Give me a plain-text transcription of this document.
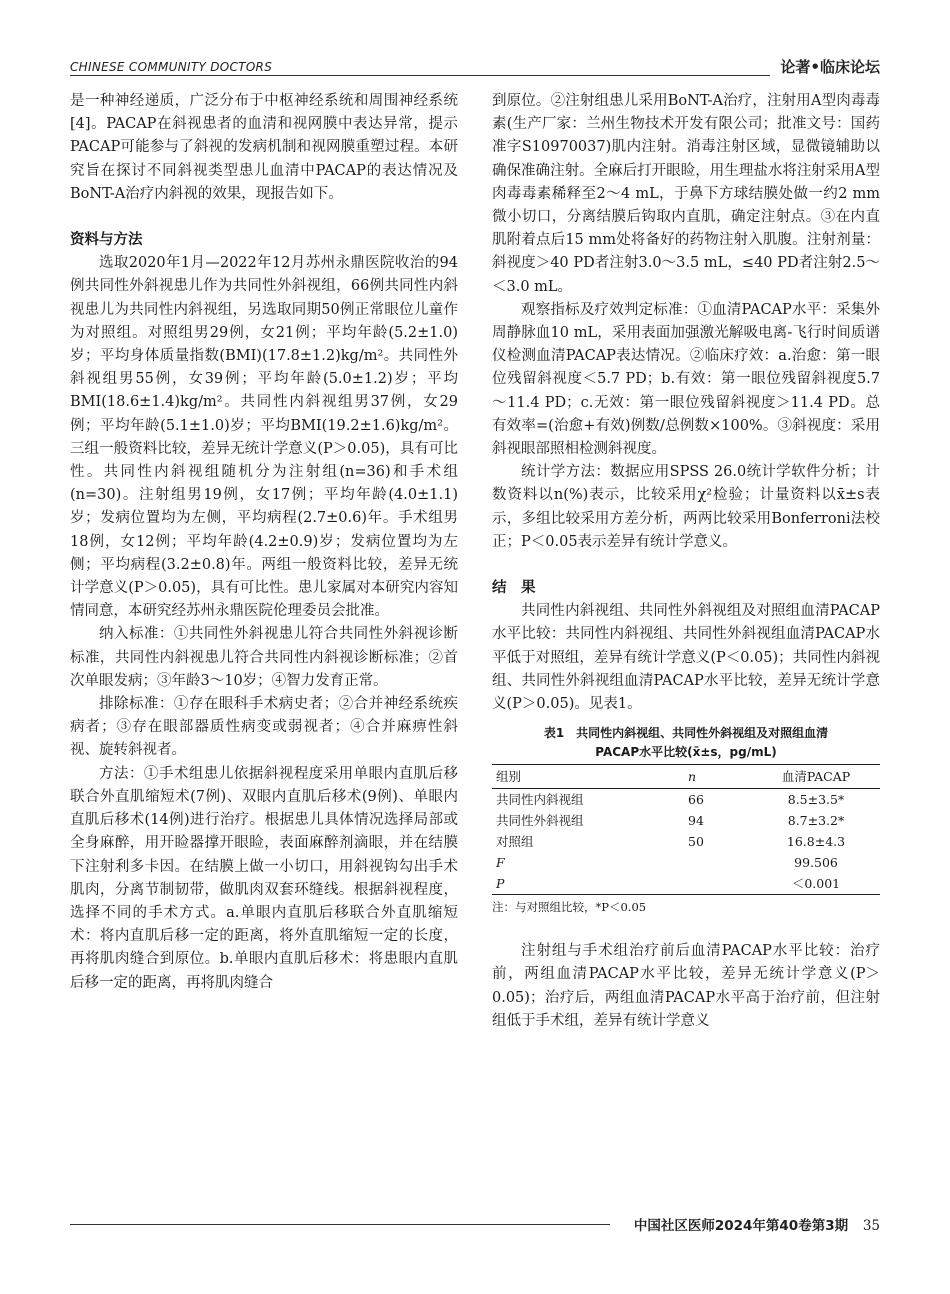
CHINESE COMMUNITY DOCTORS	论著•临床论坛

是一种神经递质，广泛分布于中枢神经系统和周围神经系统[4]。PACAP在斜视患者的血清和视网膜中表达异常，提示PACAP可能参与了斜视的发病机制和视网膜重塑过程。本研究旨在探讨不同斜视类型患儿血清中PACAP的表达情况及BoNT-A治疗内斜视的效果，现报告如下。

资料与方法

选取2020年1月—2022年12月苏州永鼎医院收治的94例共同性外斜视患儿作为共同性外斜视组，66例共同性内斜视患儿为共同性内斜视组，另选取同期50例正常眼位儿童作为对照组。对照组男29例，女21例；平均年龄(5.2±1.0)岁；平均身体质量指数(BMI)(17.8±1.2)kg/m²。共同性外斜视组男55例，女39例；平均年龄(5.0±1.2)岁；平均BMI(18.6±1.4)kg/m²。共同性内斜视组男37例，女29例；平均年龄(5.1±1.0)岁；平均BMI(19.2±1.6)kg/m²。三组一般资料比较，差异无统计学意义(P＞0.05)，具有可比性。共同性内斜视组随机分为注射组(n=36)和手术组(n=30)。注射组男19例，女17例；平均年龄(4.0±1.1)岁；发病位置均为左侧，平均病程(2.7±0.6)年。手术组男18例，女12例；平均年龄(4.2±0.9)岁；发病位置均为左侧；平均病程(3.2±0.8)年。两组一般资料比较，差异无统计学意义(P＞0.05)，具有可比性。患儿家属对本研究内容知情同意，本研究经苏州永鼎医院伦理委员会批准。

纳入标准：①共同性外斜视患儿符合共同性外斜视诊断标准，共同性内斜视患儿符合共同性内斜视诊断标准；②首次单眼发病；③年龄3～10岁；④智力发育正常。

排除标准：①存在眼科手术病史者；②合并神经系统疾病者；③存在眼部器质性病变或弱视者；④合并麻痹性斜视、旋转斜视者。

方法：①手术组患儿依据斜视程度采用单眼内直肌后移联合外直肌缩短术(7例)、双眼内直肌后移术(9例)、单眼内直肌后移术(14例)进行治疗。根据患儿具体情况选择局部或全身麻醉，用开睑器撑开眼睑，表面麻醉剂滴眼，并在结膜下注射利多卡因。在结膜上做一小切口，用斜视钩勾出手术肌肉，分离节制韧带，做肌肉双套环缝线。根据斜视程度，选择不同的手术方式。a.单眼内直肌后移联合外直肌缩短术：将内直肌后移一定的距离，将外直肌缩短一定的长度，再将肌肉缝合到原位。b.单眼内直肌后移术：将患眼内直肌后移一定的距离，再将肌肉缝合

到原位。②注射组患儿采用BoNT-A治疗，注射用A型肉毒毒素(生产厂家：兰州生物技术开发有限公司；批准文号：国药准字S10970037)肌内注射。消毒注射区域，显微镜辅助以确保准确注射。全麻后打开眼睑，用生理盐水将注射采用A型肉毒毒素稀释至2～4 mL，于鼻下方球结膜处做一约2 mm微小切口，分离结膜后钩取内直肌，确定注射点。③在内直肌附着点后15 mm处将备好的药物注射入肌腹。注射剂量：斜视度＞40 PD者注射3.0～3.5 mL，≤40 PD者注射2.5～＜3.0 mL。

观察指标及疗效判定标准：①血清PACAP水平：采集外周静脉血10 mL，采用表面加强激光解吸电离-飞行时间质谱仪检测血清PACAP表达情况。②临床疗效：a.治愈：第一眼位残留斜视度＜5.7 PD；b.有效：第一眼位残留斜视度5.7～11.4 PD；c.无效：第一眼位残留斜视度＞11.4 PD。总有效率=(治愈+有效)例数/总例数×100%。③斜视度：采用斜视眼部照相检测斜视度。

统计学方法：数据应用SPSS 26.0统计学软件分析；计数资料以n(%)表示，比较采用χ²检验；计量资料以x̄±s表示，多组比较采用方差分析，两两比较采用Bonferroni法校正；P＜0.05表示差异有统计学意义。

结　果

共同性内斜视组、共同性外斜视组及对照组血清PACAP水平比较：共同性内斜视组、共同性外斜视组血清PACAP水平低于对照组，差异有统计学意义(P＜0.05)；共同性内斜视组、共同性外斜视组血清PACAP水平比较，差异无统计学意义(P＞0.05)。见表1。

表1　共同性内斜视组、共同性外斜视组及对照组血清
PACAP水平比较(x̄±s，pg/mL)
组别	n	血清PACAP
共同性内斜视组	66	8.5±3.5*
共同性外斜视组	94	8.7±3.2*
对照组	50	16.8±4.3
F		99.506
P		＜0.001
注：与对照组比较，*P＜0.05

注射组与手术组治疗前后血清PACAP水平比较：治疗前，两组血清PACAP水平比较，差异无统计学意义(P＞0.05)；治疗后，两组血清PACAP水平高于治疗前，但注射组低于手术组，差异有统计学意义

中国社区医师2024年第40卷第3期 35
